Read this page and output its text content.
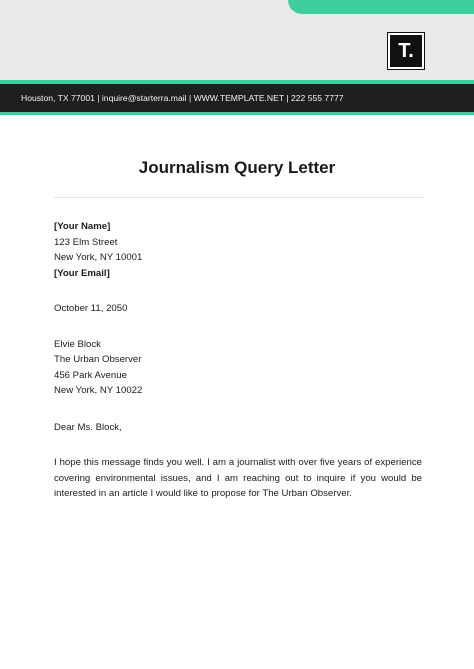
T.
Houston, TX 77001 | inquire@starterra.mail | WWW.TEMPLATE.NET | 222 555 7777
Journalism Query Letter
[Your Name]
123 Elm Street
New York, NY 10001
[Your Email]
October 11, 2050
Elvie Block
The Urban Observer
456 Park Avenue
New York, NY 10022
Dear Ms. Block,

I hope this message finds you well. I am a journalist with over five years of experience covering environmental issues, and I am reaching out to inquire if you would be interested in an article I would like to propose for The Urban Observer.
